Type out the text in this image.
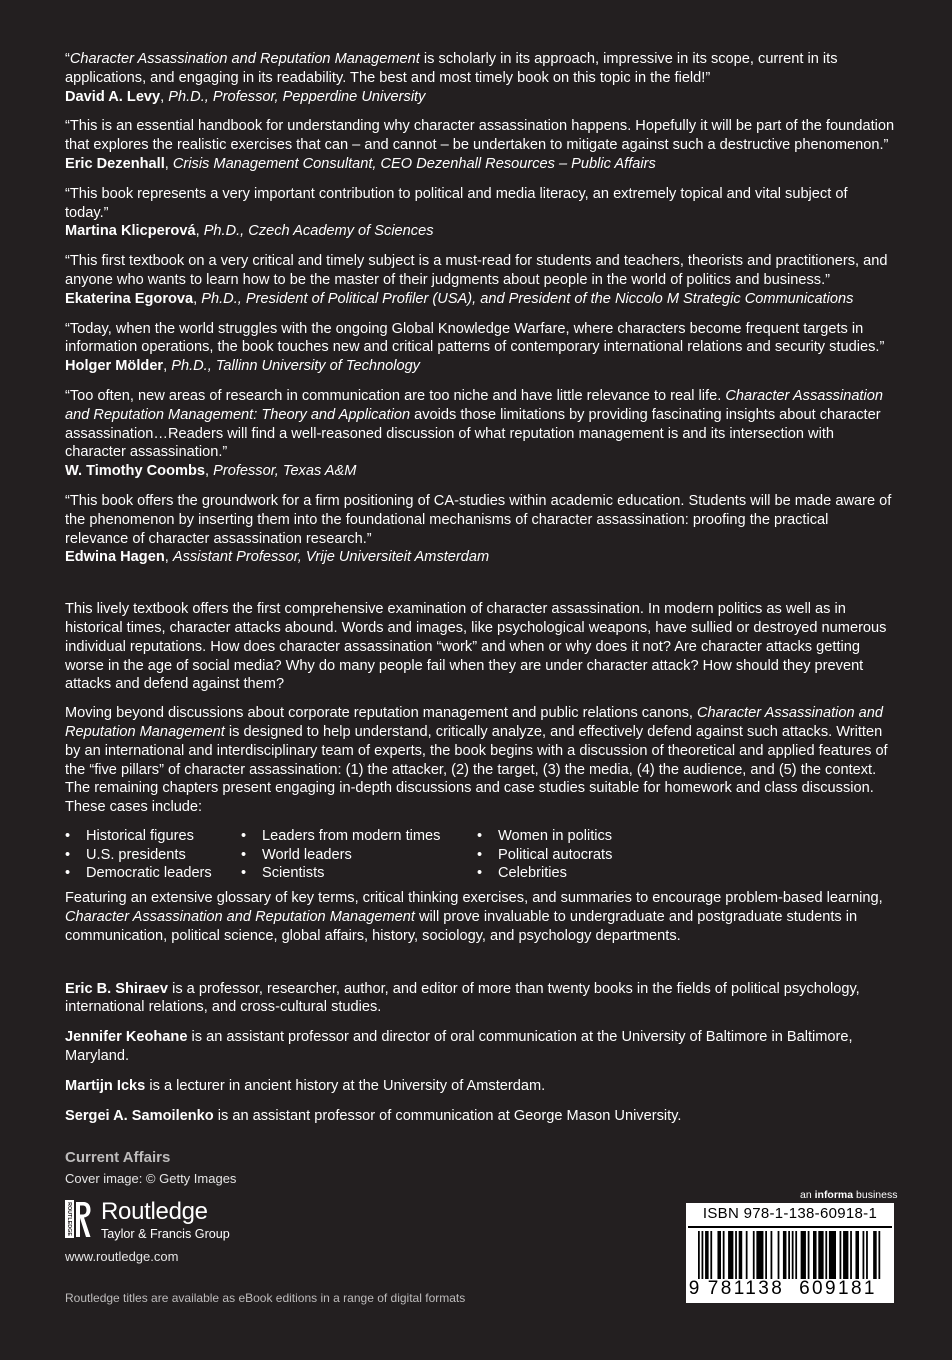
“Character Assassination and Reputation Management is scholarly in its approach, impressive in its scope, current in its applications, and engaging in its readability. The best and most timely book on this topic in the field!”

David A. Levy, Ph.D., Professor, Pepperdine University

“This is an essential handbook for understanding why character assassination happens. Hopefully it will be part of the foundation that explores the realistic exercises that can – and cannot – be undertaken to mitigate against such a destructive phenomenon.”

Eric Dezenhall, Crisis Management Consultant, CEO Dezenhall Resources – Public Affairs

“This book represents a very important contribution to political and media literacy, an extremely topical and vital subject of today.”

Martina Klicperová, Ph.D., Czech Academy of Sciences

“This first textbook on a very critical and timely subject is a must-read for students and teachers, theorists and practitioners, and anyone who wants to learn how to be the master of their judgments about people in the world of politics and business.”

Ekaterina Egorova, Ph.D., President of Political Profiler (USA), and President of the Niccolo M Strategic Communications

“Today, when the world struggles with the ongoing Global Knowledge Warfare, where characters become frequent targets in information operations, the book touches new and critical patterns of contemporary international relations and security studies.”

Holger Mölder, Ph.D., Tallinn University of Technology

“Too often, new areas of research in communication are too niche and have little relevance to real life. Character Assassination and Reputation Management: Theory and Application avoids those limitations by providing fascinating insights about character assassination…Readers will find a well-reasoned discussion of what reputation management is and its intersection with character assassination.”

W. Timothy Coombs, Professor, Texas A&M

“This book offers the groundwork for a firm positioning of CA-studies within academic education. Students will be made aware of the phenomenon by inserting them into the foundational mechanisms of character assassination: proofing the practical relevance of character assassination research.”

Edwina Hagen, Assistant Professor, Vrije Universiteit Amsterdam

This lively textbook offers the first comprehensive examination of character assassination. In modern politics as well as in historical times, character attacks abound. Words and images, like psychological weapons, have sullied or destroyed numerous individual reputations. How does character assassination “work” and when or why does it not? Are character attacks getting worse in the age of social media? Why do many people fail when they are under character attack? How should they prevent attacks and defend against them?

Moving beyond discussions about corporate reputation management and public relations canons, Character Assassination and Reputation Management is designed to help understand, critically analyze, and effectively defend against such attacks. Written by an international and interdisciplinary team of experts, the book begins with a discussion of theoretical and applied features of the “five pillars” of character assassination: (1) the attacker, (2) the target, (3) the media, (4) the audience, and (5) the context. The remaining chapters present engaging in-depth discussions and case studies suitable for homework and class discussion. These cases include:

• Historical figures
• U.S. presidents
• Democratic leaders
• Leaders from modern times
• World leaders
• Scientists
• Women in politics
• Political autocrats
• Celebrities

Featuring an extensive glossary of key terms, critical thinking exercises, and summaries to encourage problem-based learning, Character Assassination and Reputation Management will prove invaluable to undergraduate and postgraduate students in communication, political science, global affairs, history, sociology, and psychology departments.

Eric B. Shiraev is a professor, researcher, author, and editor of more than twenty books in the fields of political psychology, international relations, and cross-cultural studies.

Jennifer Keohane is an assistant professor and director of oral communication at the University of Baltimore in Baltimore, Maryland.

Martijn Icks is a lecturer in ancient history at the University of Amsterdam.

Sergei A. Samoilenko is an assistant professor of communication at George Mason University.

Current Affairs
Cover image: © Getty Images
ROUTLEDGE Routledge
Taylor & Francis Group
www.routledge.com
Routledge titles are available as eBook editions in a range of digital formats
an informa business
ISBN 978-1-138-60918-1
9 781138 609181
